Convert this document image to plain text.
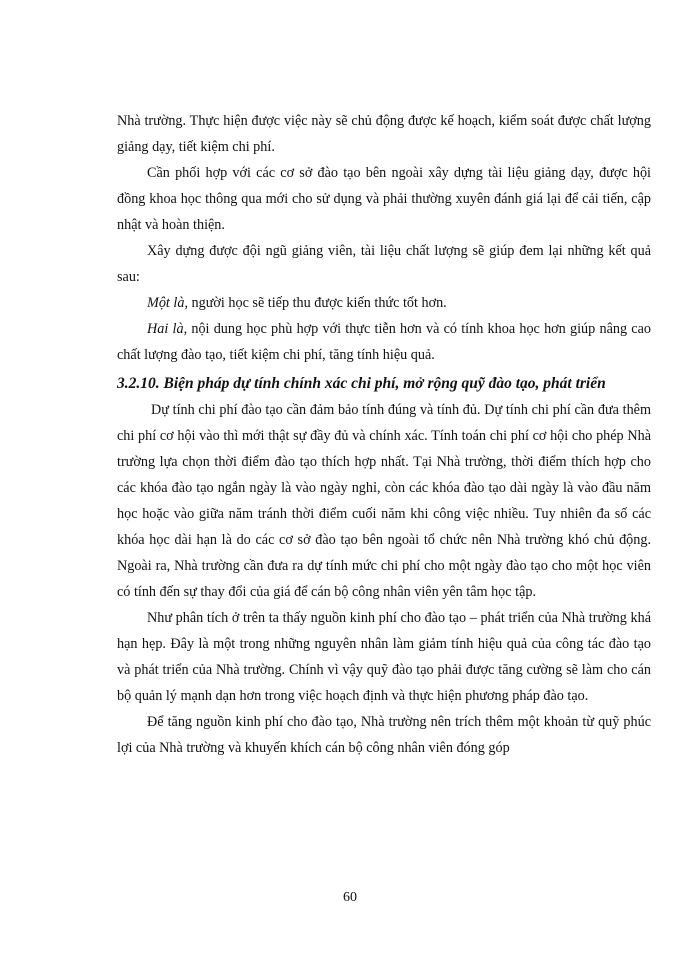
Nhà trường. Thực hiện được việc này sẽ chủ động được kế hoạch, kiểm soát được chất lượng giảng dạy, tiết kiệm chi phí.

Cần phối hợp với các cơ sở đào tạo bên ngoài xây dựng tài liệu giảng dạy, được hội đồng khoa học thông qua mới cho sử dụng và phải thường xuyên đánh giá lại để cải tiến, cập nhật và hoàn thiện.

Xây dựng được đội ngũ giảng viên, tài liệu chất lượng sẽ giúp đem lại những kết quả sau:

Một là, người học sẽ tiếp thu được kiến thức tốt hơn.

Hai là, nội dung học phù hợp với thực tiễn hơn và có tính khoa học hơn giúp nâng cao chất lượng đào tạo, tiết kiệm chi phí, tăng tính hiệu quả.

3.2.10. Biện pháp dự tính chính xác chi phí, mở rộng quỹ đào tạo, phát triển

Dự tính chi phí đào tạo cần đảm bảo tính đúng và tính đủ. Dự tính chi phí cần đưa thêm chi phí cơ hội vào thì mới thật sự đầy đủ và chính xác. Tính toán chi phí cơ hội cho phép Nhà trường lựa chọn thời điểm đào tạo thích hợp nhất. Tại Nhà trường, thời điểm thích hợp cho các khóa đào tạo ngắn ngày là vào ngày nghỉ, còn các khóa đào tạo dài ngày là vào đầu năm học hoặc vào giữa năm tránh thời điểm cuối năm khi công việc nhiều. Tuy nhiên đa số các khóa học dài hạn là do các cơ sở đào tạo bên ngoài tổ chức nên Nhà trường khó chủ động. Ngoài ra, Nhà trường cần đưa ra dự tính mức chi phí cho một ngày đào tạo cho một học viên có tính đến sự thay đổi của giá để cán bộ công nhân viên yên tâm học tập.

Như phân tích ở trên ta thấy nguồn kinh phí cho đào tạo – phát triển của Nhà trường khá hạn hẹp. Đây là một trong những nguyên nhân làm giảm tính hiệu quả của công tác đào tạo và phát triển của Nhà trường. Chính vì vậy quỹ đào tạo phải được tăng cường sẽ làm cho cán bộ quản lý mạnh dạn hơn trong việc hoạch định và thực hiện phương pháp đào tạo.

Để tăng nguồn kinh phí cho đào tạo, Nhà trường nên trích thêm một khoản từ quỹ phúc lợi của Nhà trường và khuyến khích cán bộ công nhân viên đóng góp

60
